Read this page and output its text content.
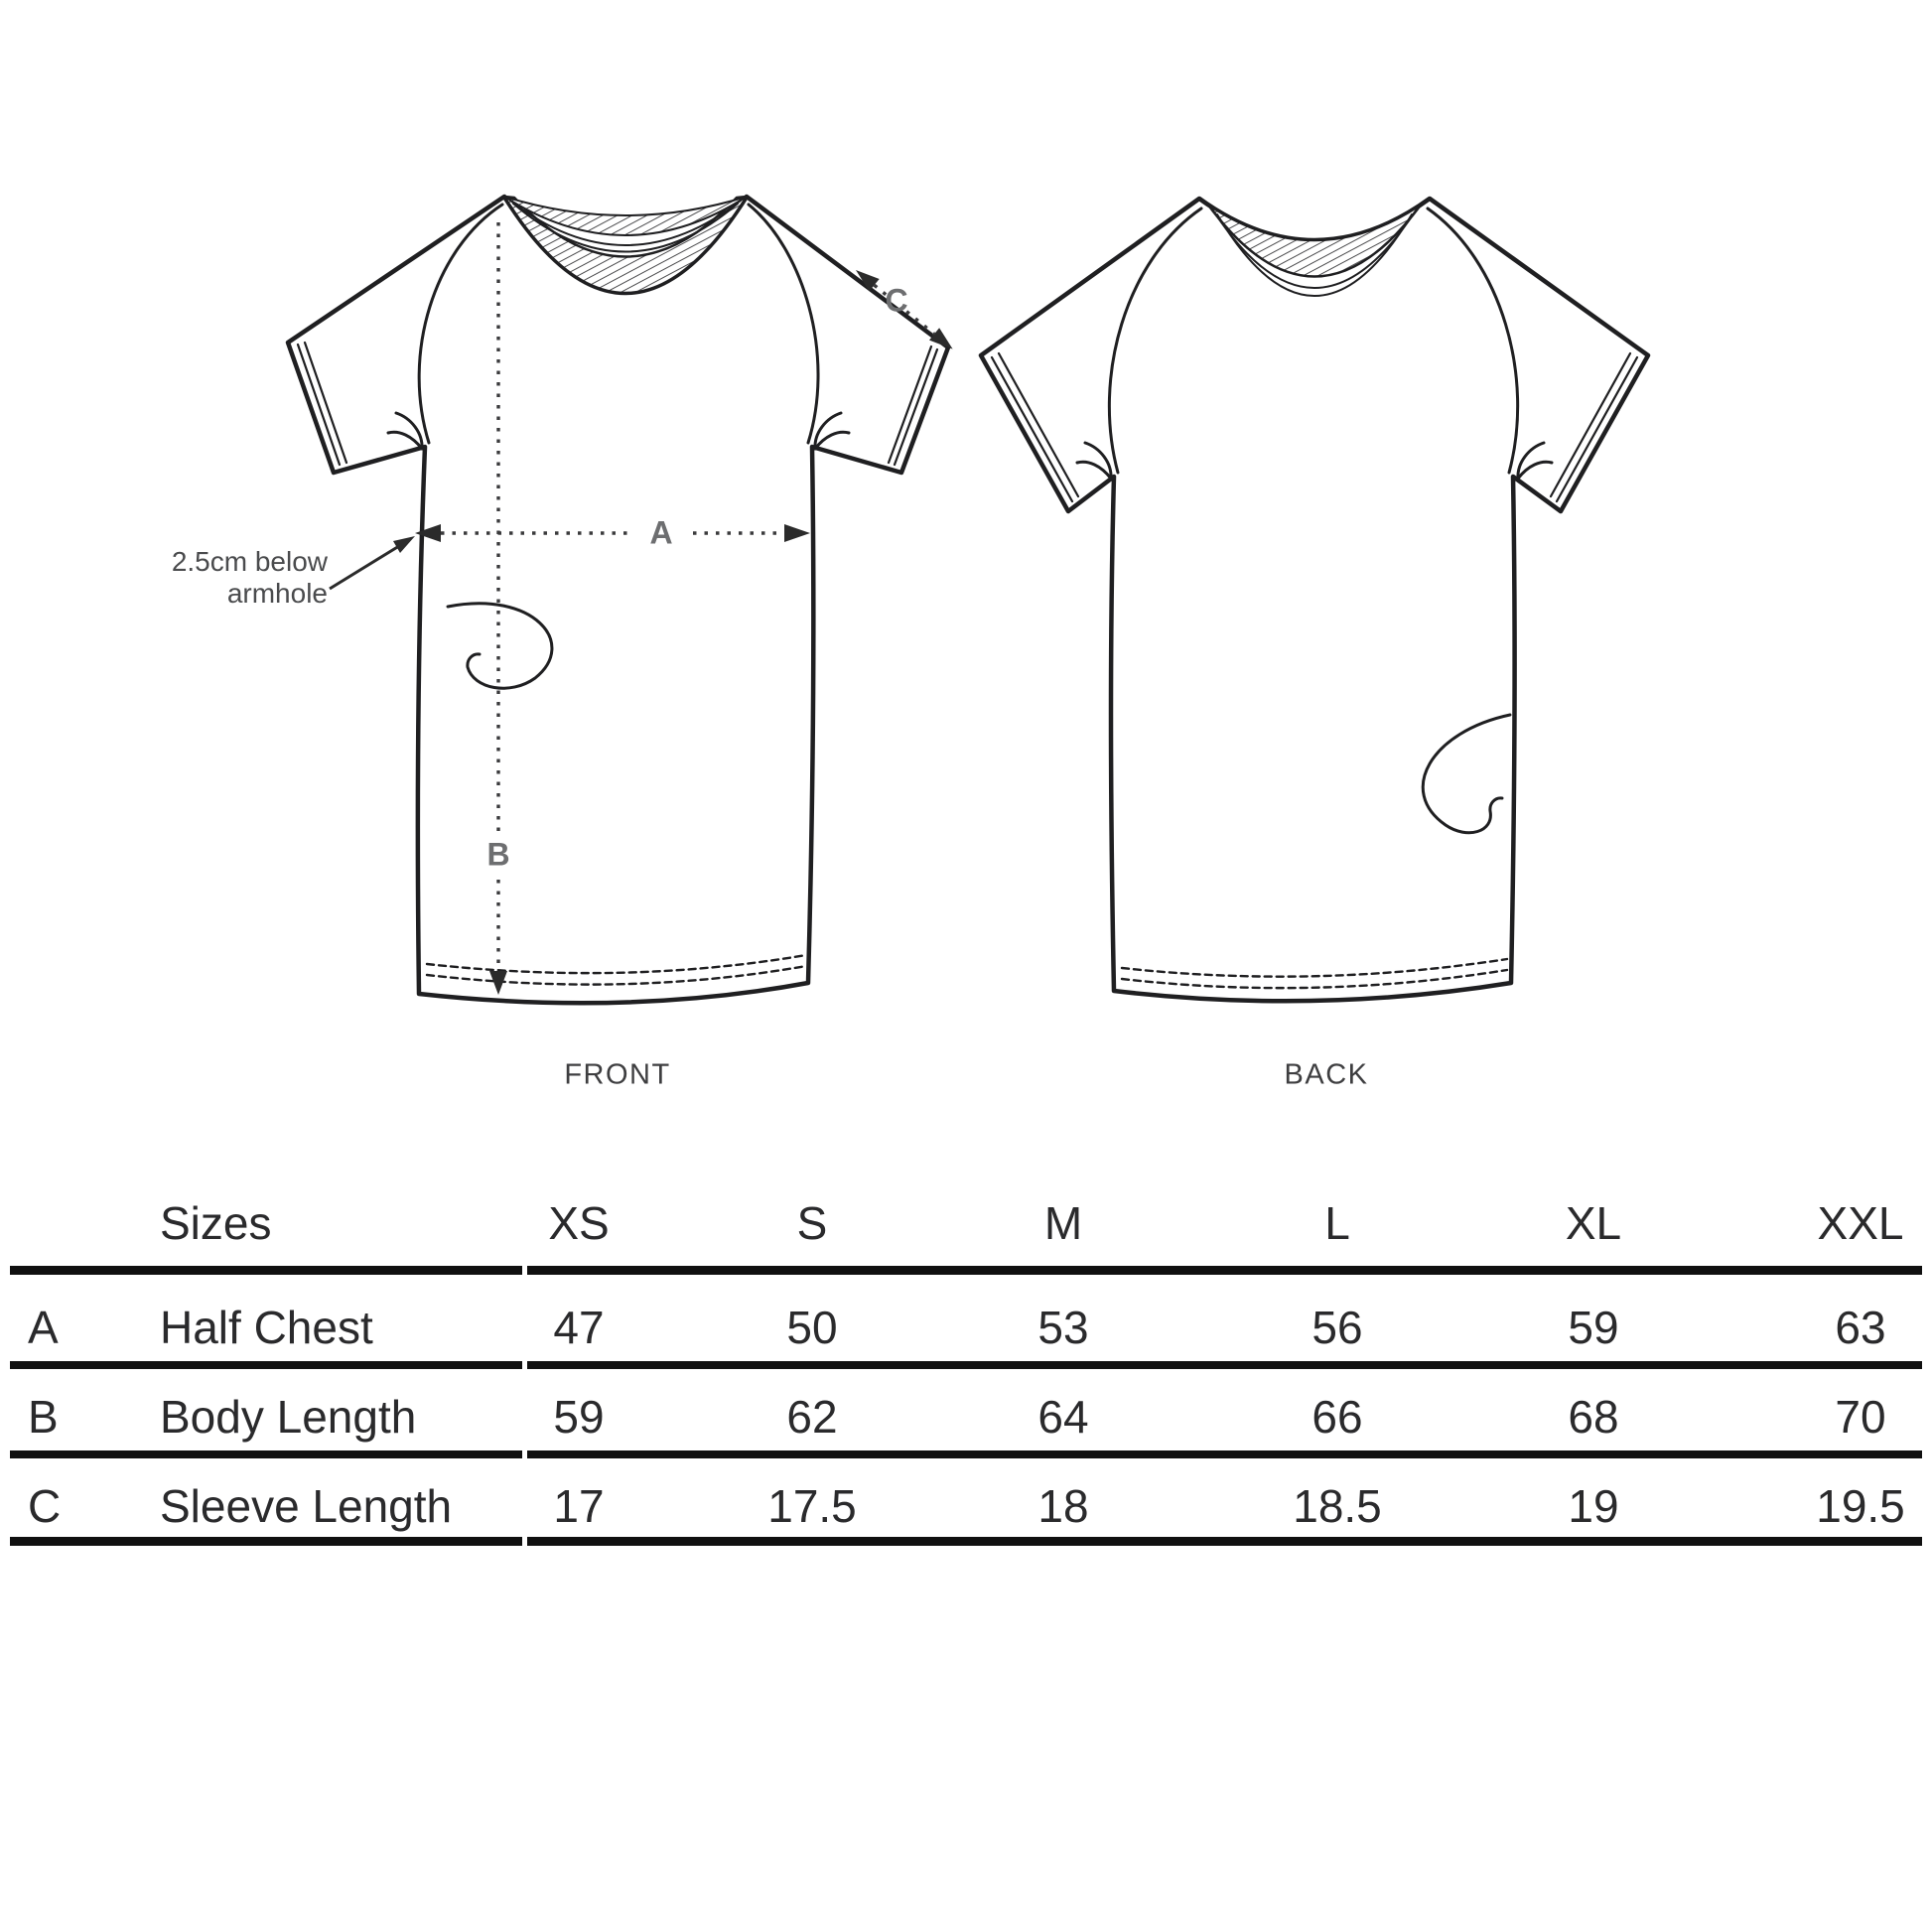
2.5cm below
armhole
A
B
C
FRONT	BACK
Sizes	XS	S	M	L	XL	XXL
A Half Chest	47	50	53	56	59	63
B Body Length	59	62	64	66	68	70
C Sleeve Length 17	17.5	18	18.5	19	19.5
